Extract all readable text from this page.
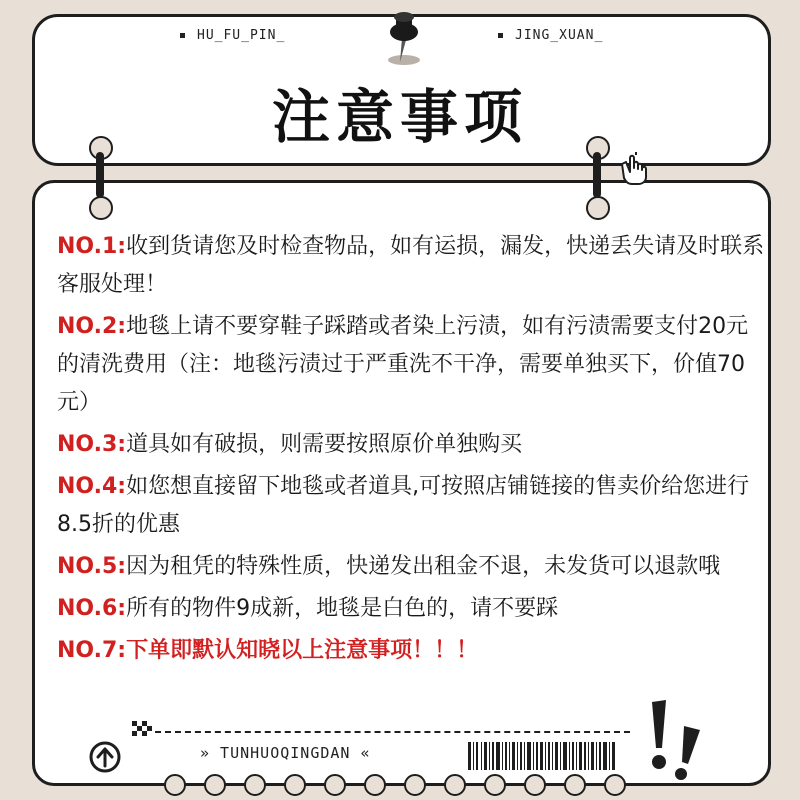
HU_FU_PIN_	JING_XUAN_
注意事项
NO.1:收到货请您及时检查物品，如有运损，漏发，快递丢失请及时联系客服处理！
NO.2:地毯上请不要穿鞋子踩踏或者染上污渍，如有污渍需要支付20元的清洗费用（注：地毯污渍过于严重洗不干净，需要单独买下，价值70元）
NO.3:道具如有破损，则需要按照原价单独购买
NO.4:如您想直接留下地毯或者道具,可按照店铺链接的售卖价给您进行8.5折的优惠
NO.5:因为租凭的特殊性质，快递发出租金不退，未发货可以退款哦
NO.6:所有的物件9成新，地毯是白色的，请不要踩
NO.7:下单即默认知晓以上注意事项！！！
» TUNHUOQINGDAN «
